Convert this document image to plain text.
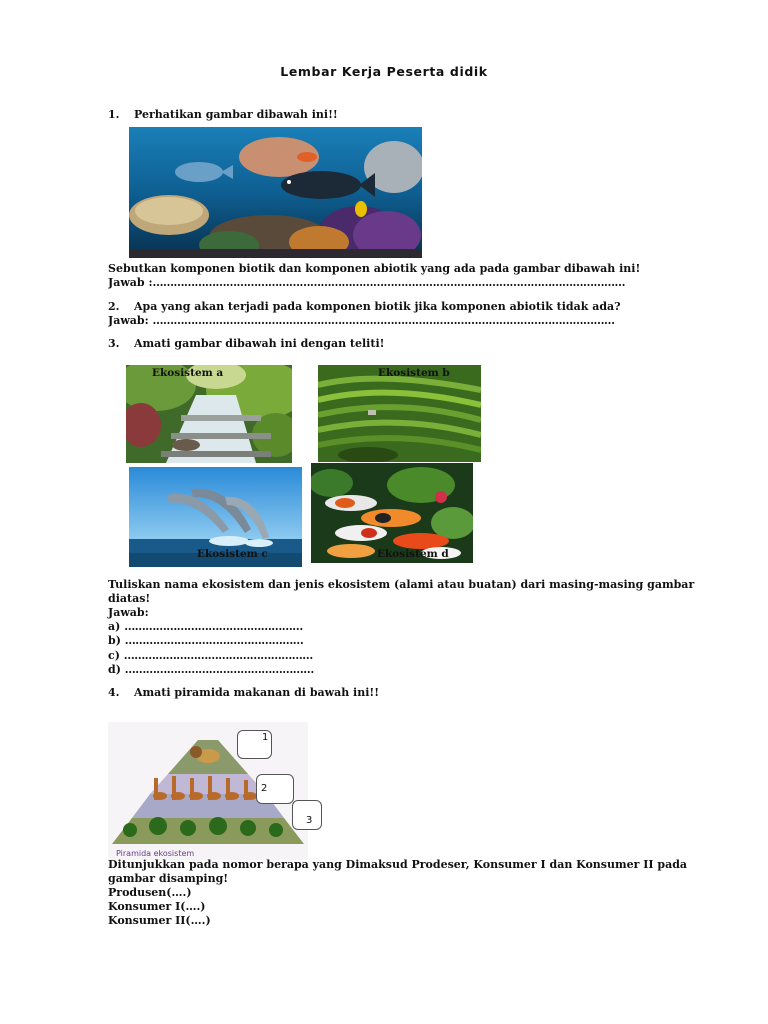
Lembar Kerja Peserta didik
1. Perhatikan gambar dibawah ini!!
Sebutkan komponen biotik dan komponen abiotik yang ada pada gambar dibawah ini!
Jawab :………………………………………………………………………………………………………………………
2. Apa yang akan terjadi pada komponen biotik jika komponen abiotik tidak ada?
Jawab: ……………………………………………………………………………………………………………………
3. Amati gambar dibawah ini dengan teliti!
Ekosistem a	Ekosistem b
Ekosistem c	Ekosistem d
Tuliskan nama ekosistem dan jenis ekosistem (alami atau buatan) dari masing-masing gambar
diatas!
Jawab:
a) ……………………………………………
b) ……………………………………………
c) ………………………………………………
d) ………………………………………………
4. Amati piramida makanan di bawah ini!!
Piramida ekosistem
1
2
3
Ditunjukkan pada nomor berapa yang Dimaksud Prodeser, Konsumer I dan Konsumer II pada
gambar disamping!
Produsen(….)
Konsumer I(….)
Konsumer II(….)
